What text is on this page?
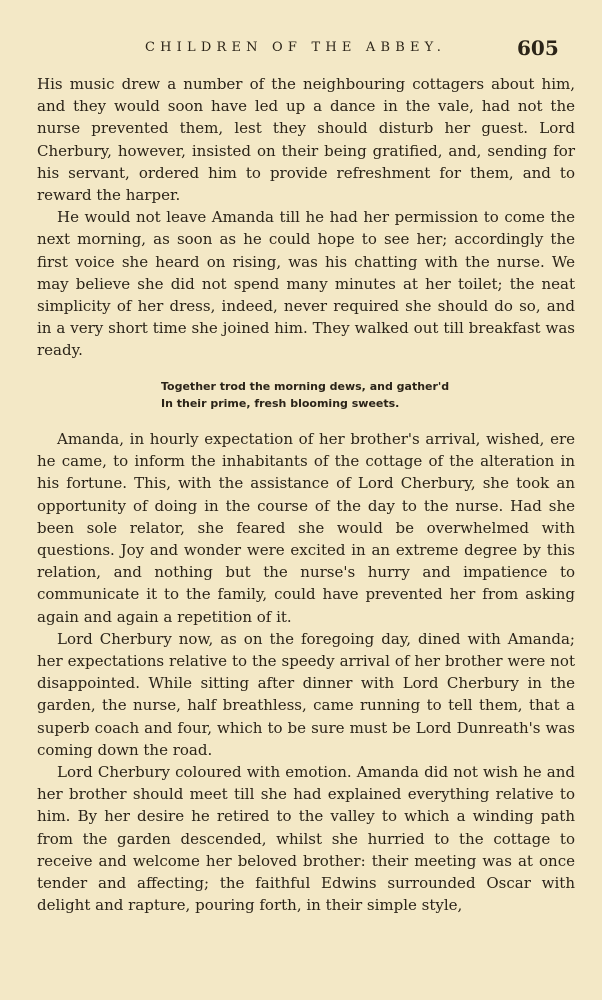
CHILDREN OF THE ABBEY.	605

His music drew a number of the neighbouring cottagers about him, and they would soon have led up a dance in the vale, had not the nurse prevented them, lest they should disturb her guest. Lord Cherbury, however, insisted on their being gratified, and, sending for his servant, ordered him to provide refreshment for them, and to reward the harper.

He would not leave Amanda till he had her permission to come the next morning, as soon as he could hope to see her; accordingly the first voice she heard on rising, was his chatting with the nurse. We may believe she did not spend many minutes at her toilet; the neat simplicity of her dress, indeed, never required she should do so, and in a very short time she joined him. They walked out till breakfast was ready.

Together trod the morning dews, and gather'd
In their prime, fresh blooming sweets.

Amanda, in hourly expectation of her brother's arrival, wished, ere he came, to inform the inhabitants of the cottage of the alteration in his fortune. This, with the assistance of Lord Cherbury, she took an opportunity of doing in the course of the day to the nurse. Had she been sole relator, she feared she would be overwhelmed with questions. Joy and wonder were excited in an extreme degree by this relation, and nothing but the nurse's hurry and impatience to communicate it to the family, could have prevented her from asking again and again a repetition of it.

Lord Cherbury now, as on the foregoing day, dined with Amanda; her expectations relative to the speedy arrival of her brother were not disappointed. While sitting after dinner with Lord Cherbury in the garden, the nurse, half breathless, came running to tell them, that a superb coach and four, which to be sure must be Lord Dunreath's was coming down the road.

Lord Cherbury coloured with emotion. Amanda did not wish he and her brother should meet till she had explained everything relative to him. By her desire he retired to the valley to which a winding path from the garden descended, whilst she hurried to the cottage to receive and welcome her beloved brother: their meeting was at once tender and affecting; the faithful Edwins surrounded Oscar with delight and rapture, pouring forth, in their simple style,
